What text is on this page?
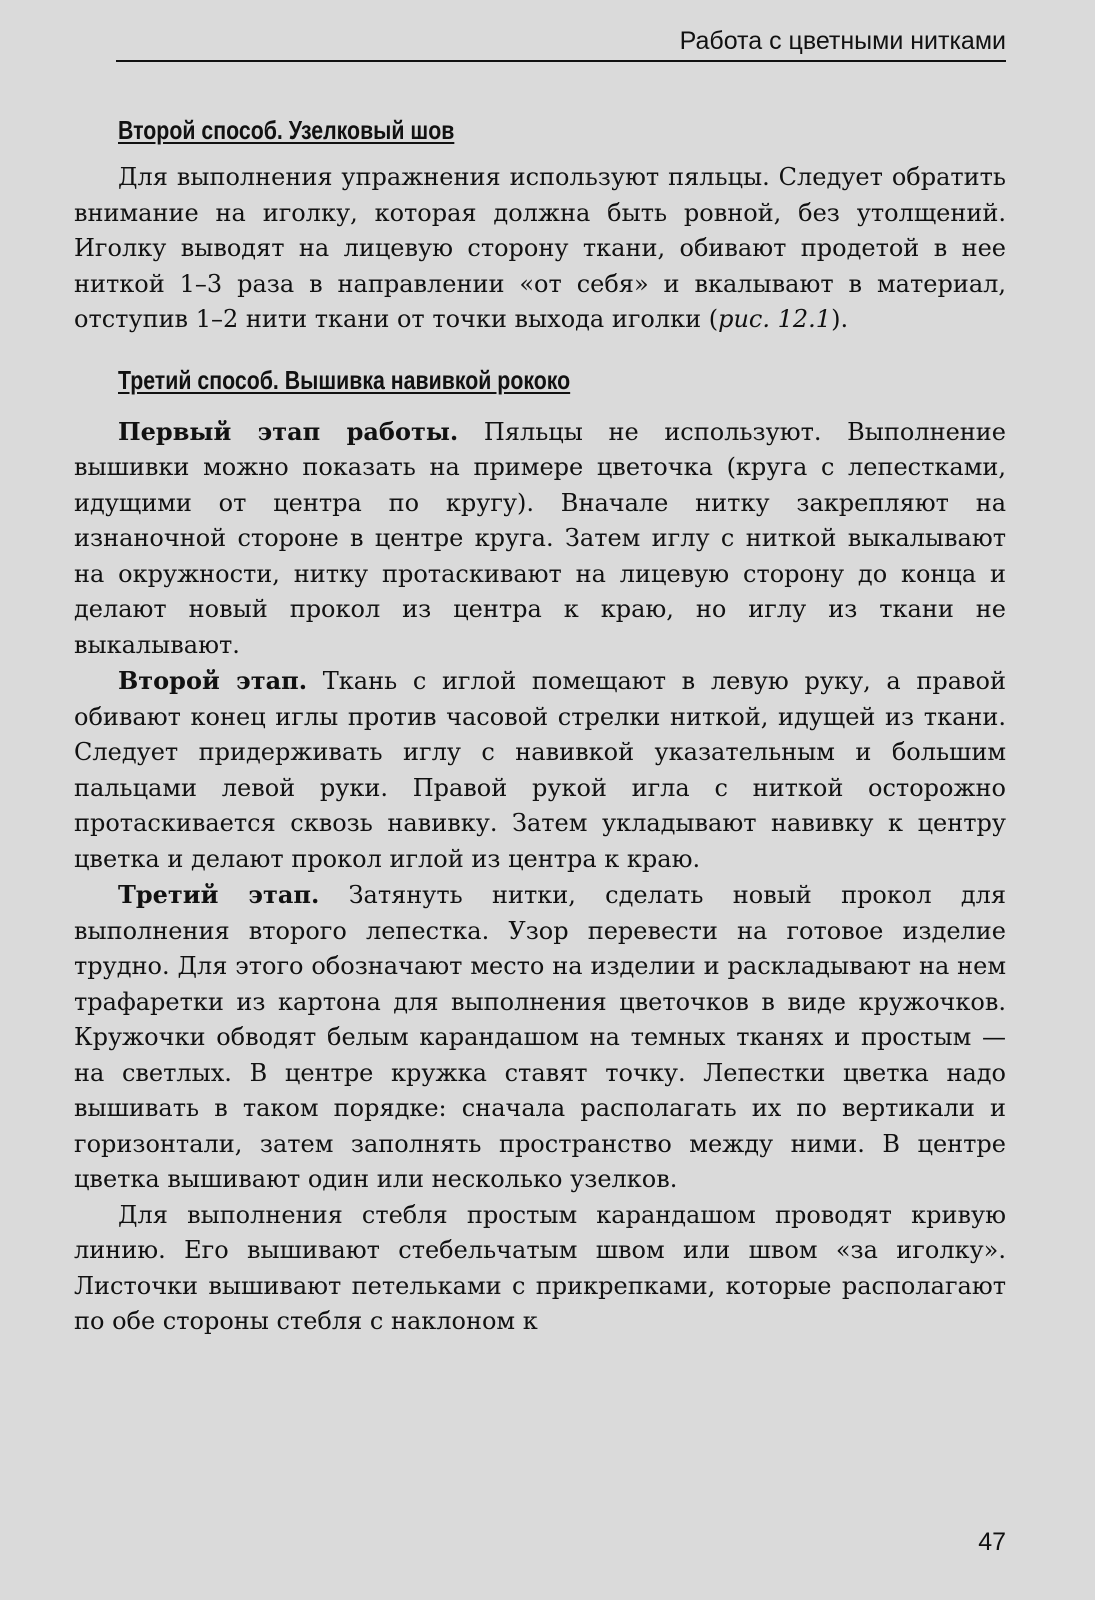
Работа с цветными нитками
Второй способ. Узелковый шов

Для выполнения упражнения используют пяльцы. Следует обратить внимание на иголку, которая должна быть ровной, без утолщений. Иголку выводят на лицевую сторону ткани, обивают продетой в нее ниткой 1–3 раза в направлении «от себя» и вкалывают в материал, отступив 1–2 нити ткани от точки выхода иголки (рис. 12.1).

Третий способ. Вышивка навивкой рококо

Первый этап работы. Пяльцы не используют. Выполнение вышивки можно показать на примере цветочка (круга с лепестками, идущими от центра по кругу). Вначале нитку закрепляют на изнаночной стороне в центре круга. Затем иглу с ниткой выкалывают на окружности, нитку протаскивают на лицевую сторону до конца и делают новый прокол из центра к краю, но иглу из ткани не выкалывают.

Второй этап. Ткань с иглой помещают в левую руку, а правой обивают конец иглы против часовой стрелки ниткой, идущей из ткани. Следует придерживать иглу с навивкой указательным и большим пальцами левой руки. Правой рукой игла с ниткой осторожно протаскивается сквозь навивку. Затем укладывают навивку к центру цветка и делают прокол иглой из центра к краю.

Третий этап. Затянуть нитки, сделать новый прокол для выполнения второго лепестка. Узор перевести на готовое изделие трудно. Для этого обозначают место на изделии и раскладывают на нем трафаретки из картона для выполнения цветочков в виде кружочков. Кружочки обводят белым карандашом на темных тканях и простым — на светлых. В центре кружка ставят точку. Лепестки цветка надо вышивать в таком порядке: сначала располагать их по вертикали и горизонтали, затем заполнять пространство между ними. В центре цветка вышивают один или несколько узелков.

Для выполнения стебля простым карандашом проводят кривую линию. Его вышивают стебельчатым швом или швом «за иголку». Листочки вышивают петельками с прикрепками, которые располагают по обе стороны стебля с наклоном к

47
